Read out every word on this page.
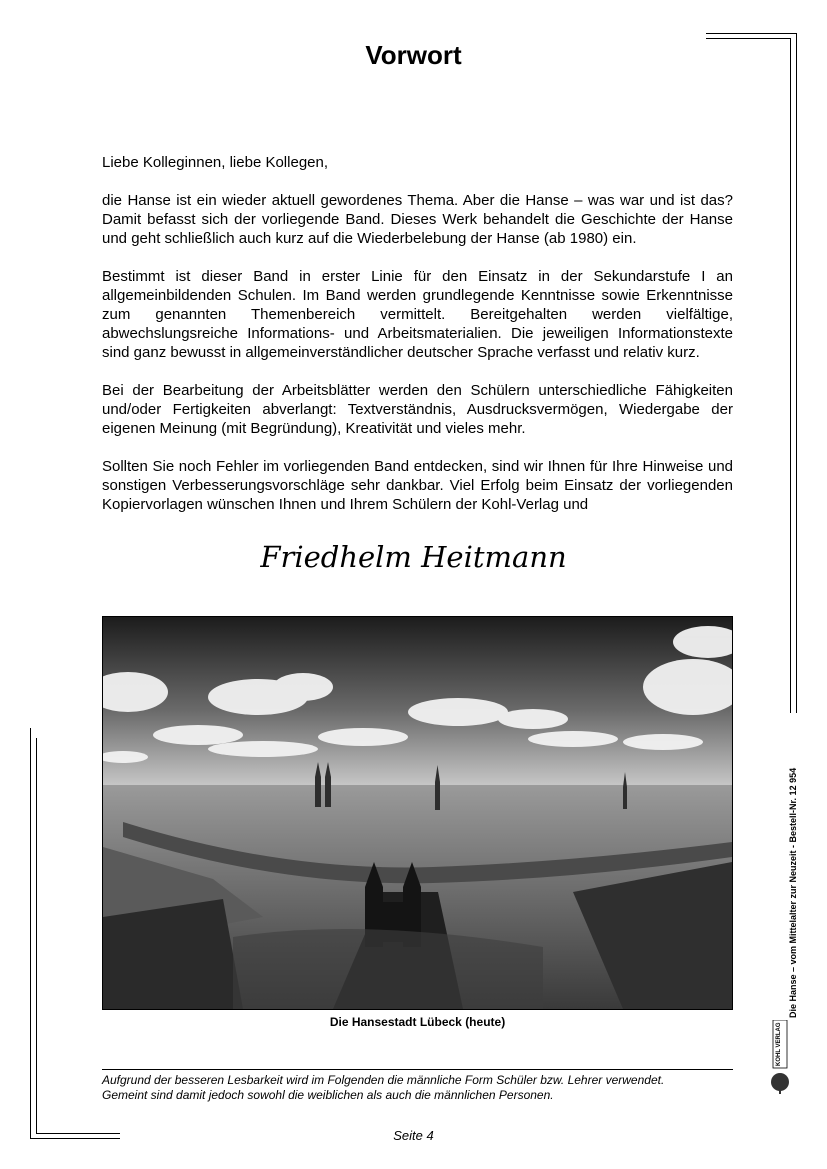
Vorwort

Liebe Kolleginnen, liebe Kollegen,

die Hanse ist ein wieder aktuell gewordenes Thema. Aber die Hanse – was war und ist das? Damit befasst sich der vorliegende Band. Dieses Werk behandelt die Geschichte der Hanse und geht schließlich auch kurz auf die Wiederbelebung der Hanse (ab 1980) ein.

Bestimmt ist dieser Band in erster Linie für den Einsatz in der Sekundarstufe I an allgemeinbildenden Schulen. Im Band werden grundlegende Kenntnisse sowie Erkenntnisse zum genannten Themenbereich vermittelt. Bereitgehalten werden vielfältige, abwechslungsreiche Informations- und Arbeitsmaterialien. Die jeweiligen Informationstexte sind ganz bewusst in allgemeinverständlicher deutscher Sprache verfasst und relativ kurz.

Bei der Bearbeitung der Arbeitsblätter werden den Schülern unterschiedliche Fähigkeiten und/oder Fertigkeiten abverlangt: Textverständnis, Ausdrucksvermögen, Wiedergabe der eigenen Meinung (mit Begründung), Kreativität und vieles mehr.

Sollten Sie noch Fehler im vorliegenden Band entdecken, sind wir Ihnen für Ihre Hinweise und sonstigen Verbesserungsvorschläge sehr dankbar. Viel Erfolg beim Einsatz der vorliegenden Kopiervorlagen wünschen Ihnen und Ihrem Schülern der Kohl-Verlag und

Friedhelm Heitmann
Die Hansestadt Lübeck (heute)
Aufgrund der besseren Lesbarkeit wird im Folgenden die männliche Form Schüler bzw. Lehrer verwendet.
Gemeint sind damit jedoch sowohl die weiblichen als auch die männlichen Personen.
Seite 4
Die Hanse – vom Mittelalter zur Neuzeit - Bestell-Nr. 12 954
KOHL VERLAG
